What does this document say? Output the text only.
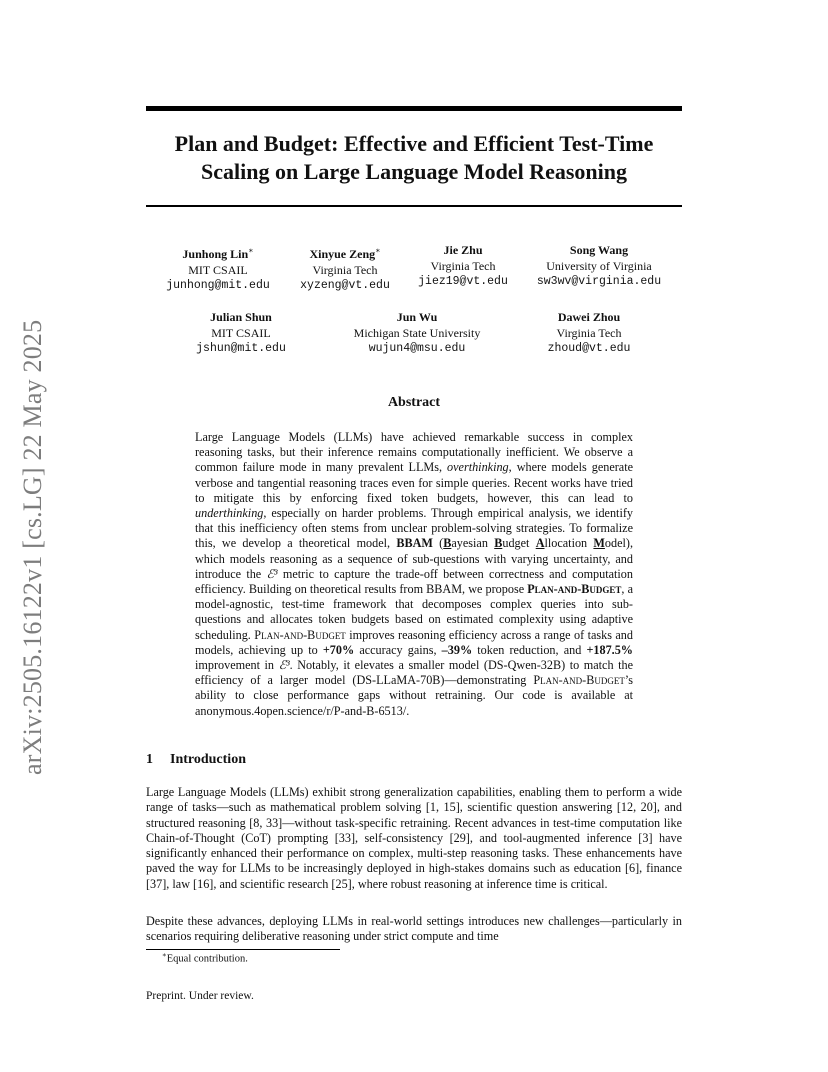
arXiv:2505.16122v1 [cs.LG] 22 May 2025
Plan and Budget: Effective and Efficient Test-Time
Scaling on Large Language Model Reasoning
Junhong Lin∗
MIT CSAIL
junhong@mit.edu
Xinyue Zeng∗
Virginia Tech
xyzeng@vt.edu
Jie Zhu
Virginia Tech
jiez19@vt.edu
Song Wang
University of Virginia
sw3wv@virginia.edu
Julian Shun
MIT CSAIL
jshun@mit.edu
Jun Wu
Michigan State University
wujun4@msu.edu
Dawei Zhou
Virginia Tech
zhoud@vt.edu
Abstract

Large Language Models (LLMs) have achieved remarkable success in complex reasoning tasks, but their inference remains computationally inefficient. We observe a common failure mode in many prevalent LLMs, overthinking, where models generate verbose and tangential reasoning traces even for simple queries. Recent works have tried to mitigate this by enforcing fixed token budgets, however, this can lead to underthinking, especially on harder problems. Through empirical analysis, we identify that this inefficiency often stems from unclear problem-solving strategies. To formalize this, we develop a theoretical model, BBAM (Bayesian Budget Allocation Model), which models reasoning as a sequence of sub-questions with varying uncertainty, and introduce the ℰ³ metric to capture the trade-off between correctness and computation efficiency. Building on theoretical results from BBAM, we propose Plan-and-Budget, a model-agnostic, test-time framework that decomposes complex queries into sub-questions and allocates token budgets based on estimated complexity using adaptive scheduling. Plan-and-Budget improves reasoning efficiency across a range of tasks and models, achieving up to +70% accuracy gains, –39% token reduction, and +187.5% improvement in ℰ³. Notably, it elevates a smaller model (DS-Qwen-32B) to match the efficiency of a larger model (DS-LLaMA-70B)—demonstrating Plan-and-Budget’s ability to close performance gaps without retraining. Our code is available at anonymous.4open.science/r/P-and-B-6513/.

1 Introduction

Large Language Models (LLMs) exhibit strong generalization capabilities, enabling them to perform a wide range of tasks—such as mathematical problem solving [1, 15], scientific question answering [12, 20], and structured reasoning [8, 33]—without task-specific retraining. Recent advances in test-time computation like Chain-of-Thought (CoT) prompting [33], self-consistency [29], and tool-augmented inference [3] have significantly enhanced their performance on complex, multi-step reasoning tasks. These enhancements have paved the way for LLMs to be increasingly deployed in high-stakes domains such as education [6], finance [37], law [16], and scientific research [25], where robust reasoning at inference time is critical.

Despite these advances, deploying LLMs in real-world settings introduces new challenges—particularly in scenarios requiring deliberative reasoning under strict compute and time

∗Equal contribution.
Preprint. Under review.
